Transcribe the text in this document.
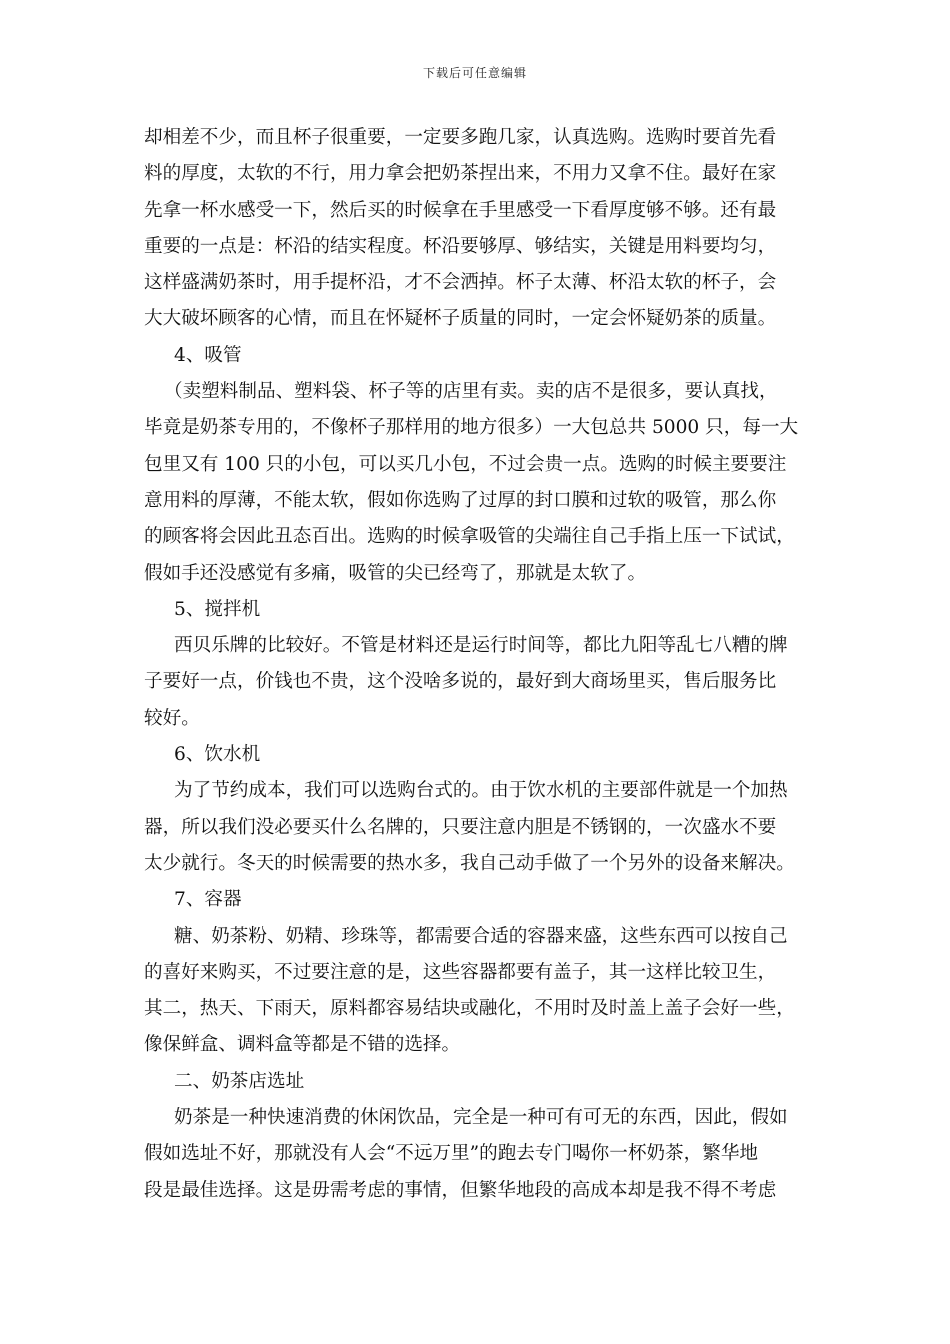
下载后可任意编辑
却相差不少，而且杯子很重要，一定要多跑几家，认真选购。选购时要首先看
料的厚度，太软的不行，用力拿会把奶茶捏出来，不用力又拿不住。最好在家
先拿一杯水感受一下，然后买的时候拿在手里感受一下看厚度够不够。还有最
重要的一点是：杯沿的结实程度。杯沿要够厚、够结实，关键是用料要均匀，
这样盛满奶茶时，用手提杯沿，才不会洒掉。杯子太薄、杯沿太软的杯子，会
大大破坏顾客的心情，而且在怀疑杯子质量的同时，一定会怀疑奶茶的质量。
4、吸管
（卖塑料制品、塑料袋、杯子等的店里有卖。卖的店不是很多，要认真找，
毕竟是奶茶专用的，不像杯子那样用的地方很多）一大包总共 5000 只，每一大
包里又有 100 只的小包，可以买几小包，不过会贵一点。选购的时候主要要注
意用料的厚薄，不能太软，假如你选购了过厚的封口膜和过软的吸管，那么你
的顾客将会因此丑态百出。选购的时候拿吸管的尖端往自己手指上压一下试试，
假如手还没感觉有多痛，吸管的尖已经弯了，那就是太软了。
5、搅拌机
西贝乐牌的比较好。不管是材料还是运行时间等，都比九阳等乱七八糟的牌
子要好一点，价钱也不贵，这个没啥多说的，最好到大商场里买，售后服务比
较好。
6、饮水机
为了节约成本，我们可以选购台式的。由于饮水机的主要部件就是一个加热
器，所以我们没必要买什么名牌的，只要注意内胆是不锈钢的，一次盛水不要
太少就行。冬天的时候需要的热水多，我自己动手做了一个另外的设备来解决。
7、容器
糖、奶茶粉、奶精、珍珠等，都需要合适的容器来盛，这些东西可以按自己
的喜好来购买，不过要注意的是，这些容器都要有盖子，其一这样比较卫生，
其二，热天、下雨天，原料都容易结块或融化，不用时及时盖上盖子会好一些，
像保鲜盒、调料盒等都是不错的选择。
二、奶茶店选址
奶茶是一种快速消费的休闲饮品，完全是一种可有可无的东西，因此，假如
假如选址不好，那就没有人会“不远万里”的跑去专门喝你一杯奶茶，繁华地
段是最佳选择。这是毋需考虑的事情，但繁华地段的高成本却是我不得不考虑
